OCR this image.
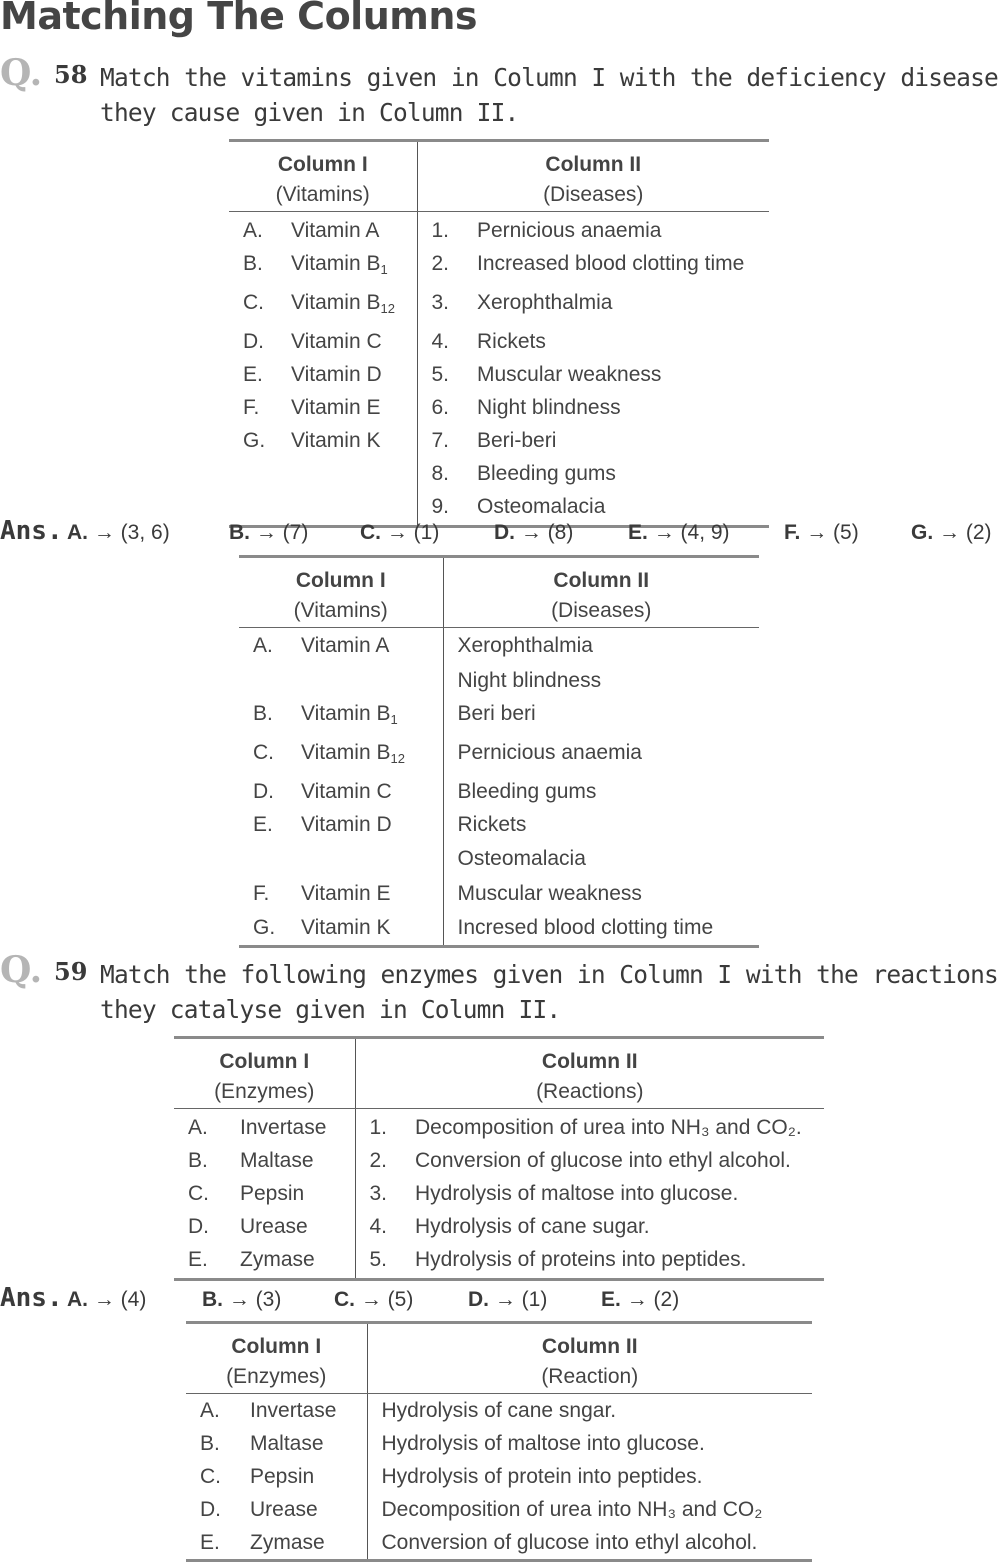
Matching The Columns
Q. 58 Match the vitamins given in Column I with the deficiency disease they cause given in Column II.
Column I		Column II	

(Vitamins)		(Diseases)	
A.	Vitamin A	1.	Pernicious anaemia
B.	Vitamin $B_1$	2.	Increased blood clotting time
C.	Vitamin $B_{12}$	3.	Xerophthalmia
D.	Vitamin C	4.	Rickets
E.	Vitamin D	5.	Muscular weakness
F.	Vitamin E	6.	Night blindness
G.	Vitamin K	7.	Beri-beri
		8.	Bleeding gums
		9.	Osteomalacia
Ans. A. → (3, 6)	B. → (7) C. → (1)	D. → (8)	E. → (4, 9)	F. → (5) G. → (2)
Column I		Column II

(Vitamins)		(Diseases)
A.	Vitamin A	Xerophthalmia
		Night blindness
B.	Vitamin $B_1$	Beri beri
C.	Vitamin $B_{12}$	Pernicious anaemia
D.	Vitamin C	Bleeding gums
E.	Vitamin D	Rickets
		Osteomalacia
F.	Vitamin E	Muscular weakness
G.	Vitamin K	Incresed blood clotting time
Q. 59 Match the following enzymes given in Column I with the reactions they catalyse given in Column II.
Column I		Column II	

(Enzymes)		(Reactions)	
A.	Invertase	1.	Decomposition of urea into NH₃ and CO₂.
B.	Maltase	2.	Conversion of glucose into ethyl alcohol.
C.	Pepsin	3.	Hydrolysis of maltose into glucose.
D.	Urease	4.	Hydrolysis of cane sugar.
E.	Zymase	5.	Hydrolysis of proteins into peptides.
Ans. A. → (4)	B. → (3)	C. → (5)	D. → (1)	E. → (2)
Column I		Column II

(Enzymes)		(Reaction)
A.	Invertase	Hydrolysis of cane sngar.
B.	Maltase	Hydrolysis of maltose into glucose.
C.	Pepsin	Hydrolysis of protein into peptides.
D.	Urease	Decomposition of urea into NH₃ and CO₂
E.	Zymase	Conversion of glucose into ethyl alcohol.
